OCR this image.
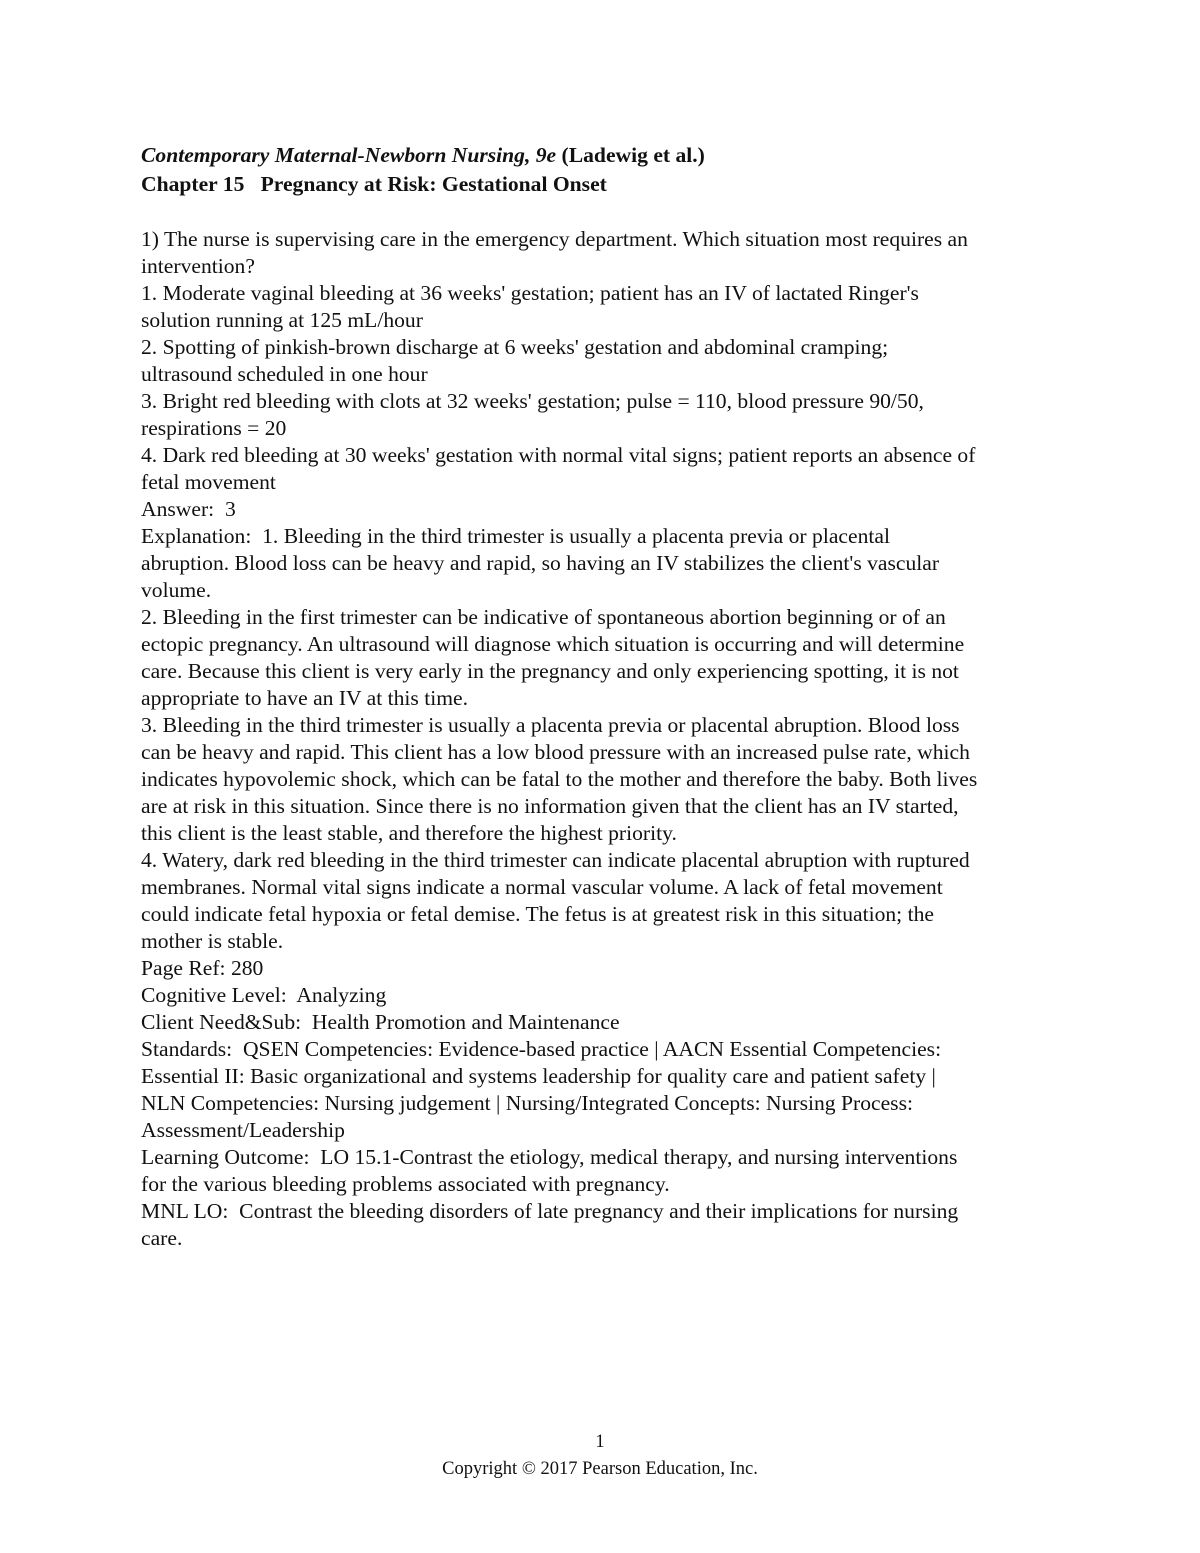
Contemporary Maternal-Newborn Nursing, 9e (Ladewig et al.)
Chapter 15   Pregnancy at Risk: Gestational Onset
1) The nurse is supervising care in the emergency department. Which situation most requires an
intervention?
1. Moderate vaginal bleeding at 36 weeks' gestation; patient has an IV of lactated Ringer's
solution running at 125 mL/hour
2. Spotting of pinkish-brown discharge at 6 weeks' gestation and abdominal cramping;
ultrasound scheduled in one hour
3. Bright red bleeding with clots at 32 weeks' gestation; pulse = 110, blood pressure 90/50,
respirations = 20
4. Dark red bleeding at 30 weeks' gestation with normal vital signs; patient reports an absence of
fetal movement
Answer:  3
Explanation:  1. Bleeding in the third trimester is usually a placenta previa or placental
abruption. Blood loss can be heavy and rapid, so having an IV stabilizes the client's vascular
volume.
2. Bleeding in the first trimester can be indicative of spontaneous abortion beginning or of an
ectopic pregnancy. An ultrasound will diagnose which situation is occurring and will determine
care. Because this client is very early in the pregnancy and only experiencing spotting, it is not
appropriate to have an IV at this time.
3. Bleeding in the third trimester is usually a placenta previa or placental abruption. Blood loss
can be heavy and rapid. This client has a low blood pressure with an increased pulse rate, which
indicates hypovolemic shock, which can be fatal to the mother and therefore the baby. Both lives
are at risk in this situation. Since there is no information given that the client has an IV started,
this client is the least stable, and therefore the highest priority.
4. Watery, dark red bleeding in the third trimester can indicate placental abruption with ruptured
membranes. Normal vital signs indicate a normal vascular volume. A lack of fetal movement
could indicate fetal hypoxia or fetal demise. The fetus is at greatest risk in this situation; the
mother is stable.
Page Ref: 280
Cognitive Level:  Analyzing
Client Need&Sub:  Health Promotion and Maintenance
Standards:  QSEN Competencies: Evidence-based practice | AACN Essential Competencies:
Essential II: Basic organizational and systems leadership for quality care and patient safety |
NLN Competencies: Nursing judgement | Nursing/Integrated Concepts: Nursing Process:
Assessment/Leadership
Learning Outcome:  LO 15.1-Contrast the etiology, medical therapy, and nursing interventions
for the various bleeding problems associated with pregnancy.
MNL LO:  Contrast the bleeding disorders of late pregnancy and their implications for nursing
care.
1
Copyright © 2017 Pearson Education, Inc.
